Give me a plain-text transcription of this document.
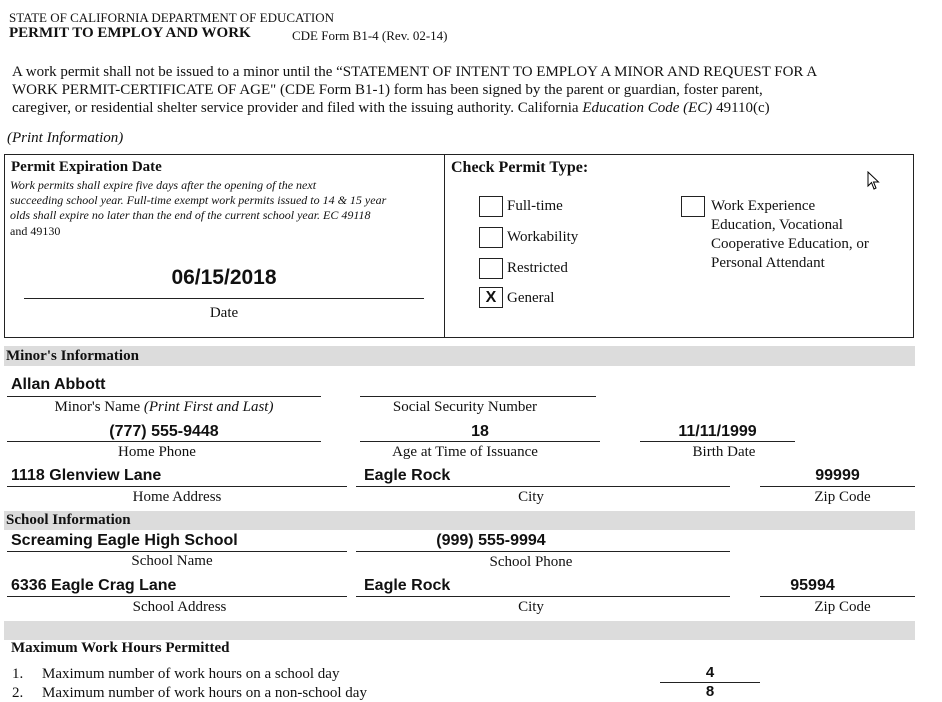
STATE OF CALIFORNIA DEPARTMENT OF EDUCATION
PERMIT TO EMPLOY AND WORK	CDE Form B1-4 (Rev. 02-14)
A work permit shall not be issued to a minor until the “STATEMENT OF INTENT TO EMPLOY A MINOR AND REQUEST FOR A
WORK PERMIT-CERTIFICATE OF AGE" (CDE Form B1-1) form has been signed by the parent or guardian, foster parent,
caregiver, or residential shelter service provider and filed with the issuing authority. California Education Code (EC) 49110(c)
(Print Information)
Permit Expiration Date
Work permits shall expire five days after the opening of the next
succeeding school year. Full-time exempt work permits issued to 14 & 15 year
olds shall expire no later than the end of the current school year. EC 49118
and 49130
06/15/2018
Date
Check Permit Type:
Full-time
Workability
Restricted
X General
Work Experience
Education, Vocational
Cooperative Education, or
Personal Attendant
Minor's Information
Allan Abbott
Minor's Name (Print First and Last)	Social Security Number
(777) 555-9448
Home Phone
18
Age at Time of Issuance
11/11/1999
Birth Date
1118 Glenview Lane
Home Address
Eagle Rock
City
99999
Zip Code
School Information
Screaming Eagle High School
School Name
(999) 555-9994
School Phone
6336 Eagle Crag Lane
School Address
Eagle Rock
City
95994
Zip Code
Maximum Work Hours Permitted
1. Maximum number of work hours on a school day	4
2. Maximum number of work hours on a non-school day	8
